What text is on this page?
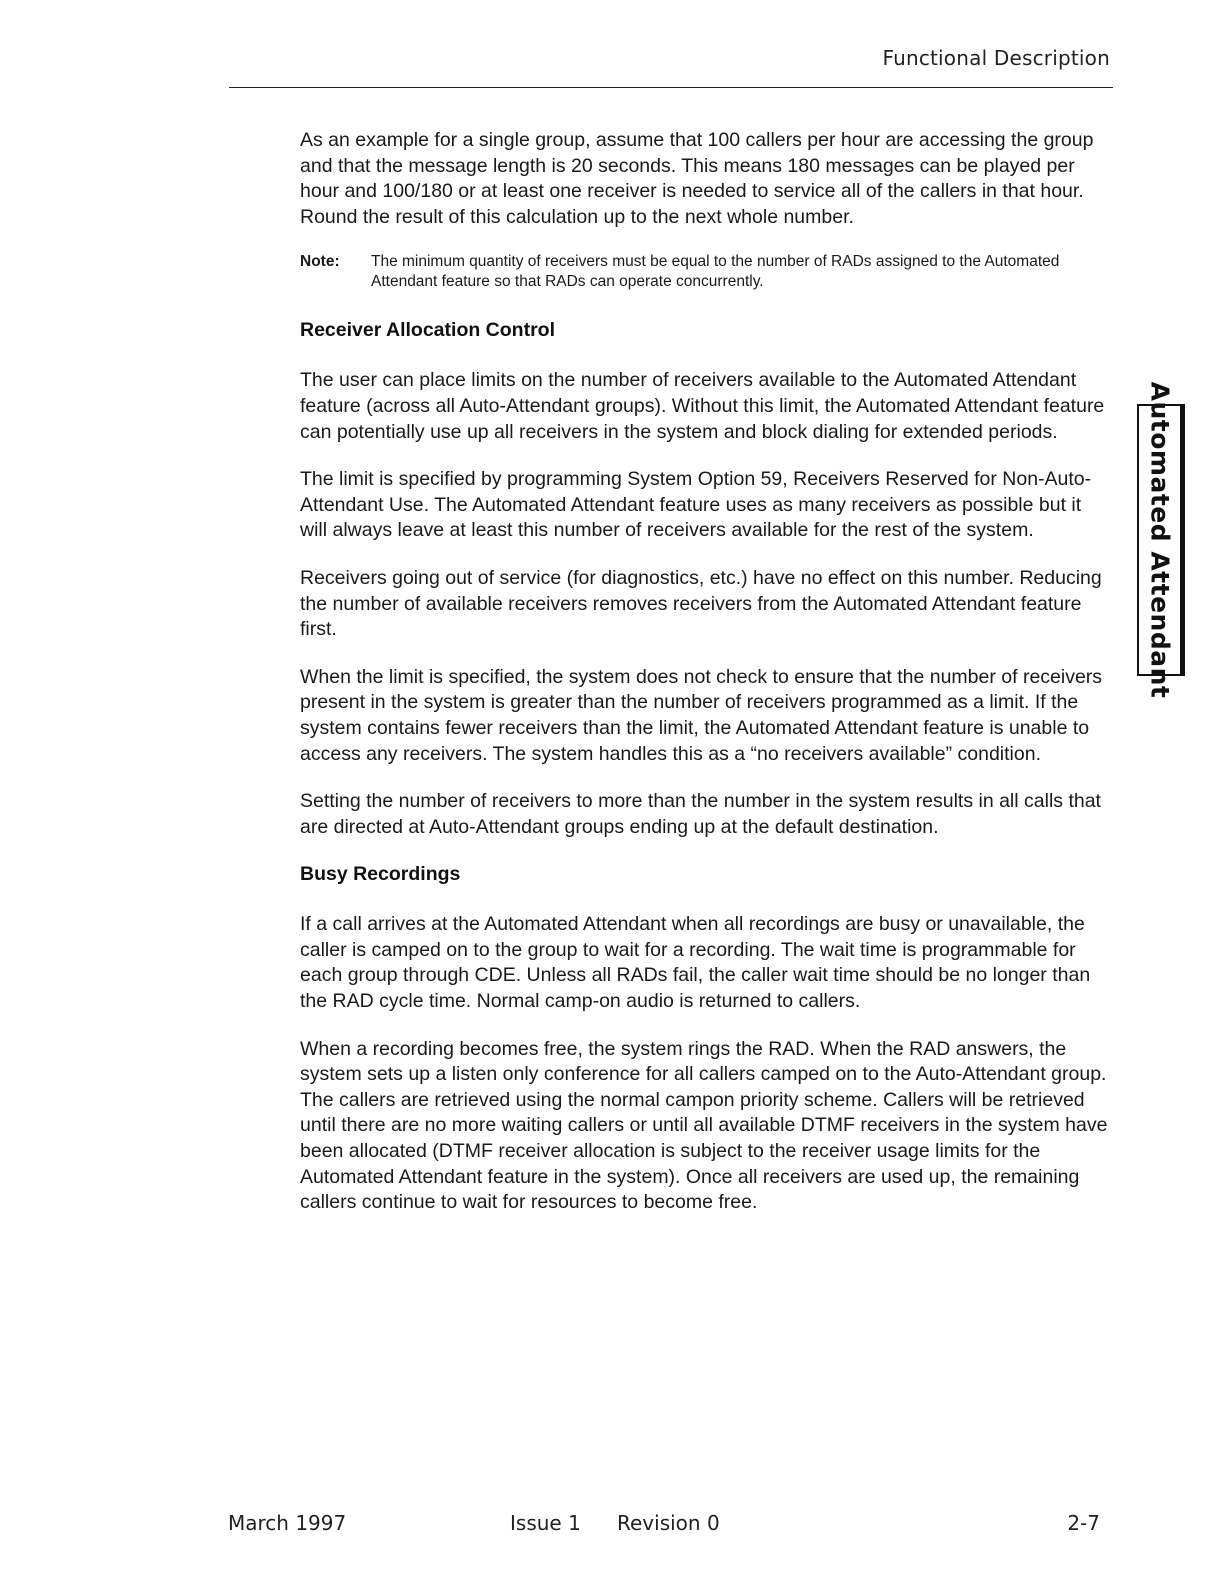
Functional Description

As an example for a single group, assume that 100 callers per hour are accessing the group and that the message length is 20 seconds. This means 180 messages can be played per hour and 100/180 or at least one receiver is needed to service all of the callers in that hour. Round the result of this calculation up to the next whole number.

Note:	The minimum quantity of receivers must be equal to the number of RADs assigned to the Automated Attendant feature so that RADs can operate concurrently.
Receiver Allocation Control

The user can place limits on the number of receivers available to the Automated Attendant feature (across all Auto-Attendant groups). Without this limit, the Automated Attendant feature can potentially use up all receivers in the system and block dialing for extended periods.

The limit is specified by programming System Option 59, Receivers Reserved for Non-Auto-Attendant Use. The Automated Attendant feature uses as many receivers as possible but it will always leave at least this number of receivers available for the rest of the system.

Receivers going out of service (for diagnostics, etc.) have no effect on this number. Reducing the number of available receivers removes receivers from the Automated Attendant feature first.

When the limit is specified, the system does not check to ensure that the number of receivers present in the system is greater than the number of receivers programmed as a limit. If the system contains fewer receivers than the limit, the Automated Attendant feature is unable to access any receivers. The system handles this as a “no receivers available” condition.

Setting the number of receivers to more than the number in the system results in all calls that are directed at Auto-Attendant groups ending up at the default destination.

Busy Recordings

If a call arrives at the Automated Attendant when all recordings are busy or unavailable, the caller is camped on to the group to wait for a recording. The wait time is programmable for each group through CDE. Unless all RADs fail, the caller wait time should be no longer than the RAD cycle time. Normal camp-on audio is returned to callers.

When a recording becomes free, the system rings the RAD. When the RAD answers, the system sets up a listen only conference for all callers camped on to the Auto-Attendant group. The callers are retrieved using the normal campon priority scheme. Callers will be retrieved until there are no more waiting callers or until all available DTMF receivers in the system have been allocated (DTMF receiver allocation is subject to the receiver usage limits for the Automated Attendant feature in the system). Once all receivers are used up, the remaining callers continue to wait for resources to become free.

Automated Attendant
March 1997	Issue 1 Revision 0	2-7
